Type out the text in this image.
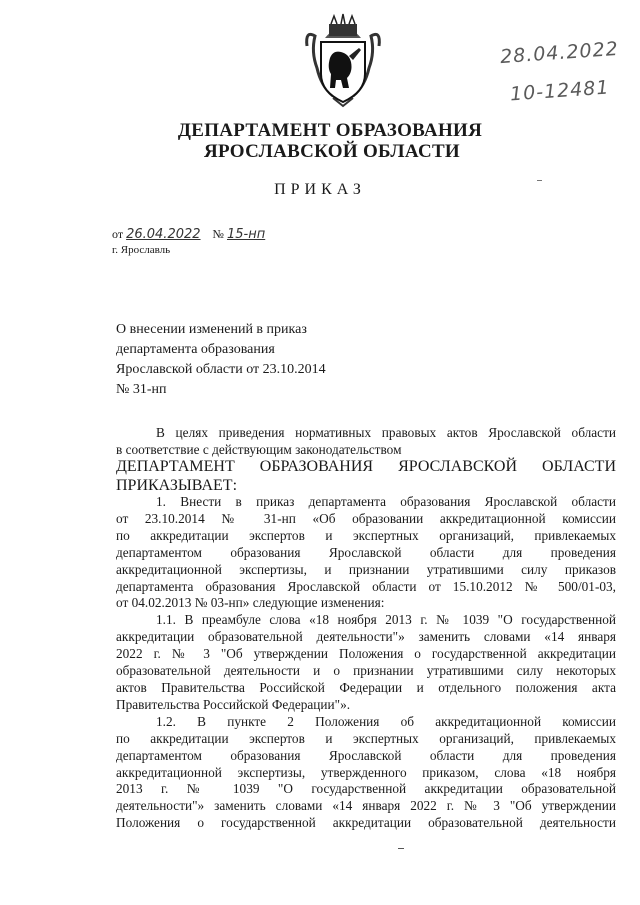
28.04.2022
10-12481
ДЕПАРТАМЕНТ ОБРАЗОВАНИЯ
ЯРОСЛАВСКОЙ ОБЛАСТИ
ПРИКАЗ
от 26.04.2022 № 15-нп
г. Ярославль
О внесении изменений в приказ
департамента образования
Ярославской области от 23.10.2014
№ 31-нп
В целях приведения нормативных правовых актов Ярославской области
в соответствие с действующим законодательством
ДЕПАРТАМЕНТ ОБРАЗОВАНИЯ ЯРОСЛАВСКОЙ ОБЛАСТИ
ПРИКАЗЫВАЕТ:
1. Внести в приказ департамента образования Ярославской области
от 23.10.2014 № 31-нп «Об образовании аккредитационной комиссии
по аккредитации экспертов и экспертных организаций, привлекаемых
департаментом образования Ярославской области для проведения
аккредитационной экспертизы, и признании утратившими силу приказов
департамента образования Ярославской области от 15.10.2012 № 500/01-03,
от 04.02.2013 № 03-нп» следующие изменения:
1.1. В преамбуле слова «18 ноября 2013 г. № 1039 "О государственной
аккредитации образовательной деятельности"» заменить словами «14 января
2022 г. № 3 "Об утверждении Положения о государственной аккредитации
образовательной деятельности и о признании утратившими силу некоторых
актов Правительства Российской Федерации и отдельного положения акта
Правительства Российской Федерации"».
1.2. В пункте 2 Положения об аккредитационной комиссии
по аккредитации экспертов и экспертных организаций, привлекаемых
департаментом образования Ярославской области для проведения
аккредитационной экспертизы, утвержденного приказом, слова «18 ноября
2013 г. № 1039 "О государственной аккредитации образовательной
деятельности"» заменить словами «14 января 2022 г. № 3 "Об утверждении
Положения о государственной аккредитации образовательной деятельности
